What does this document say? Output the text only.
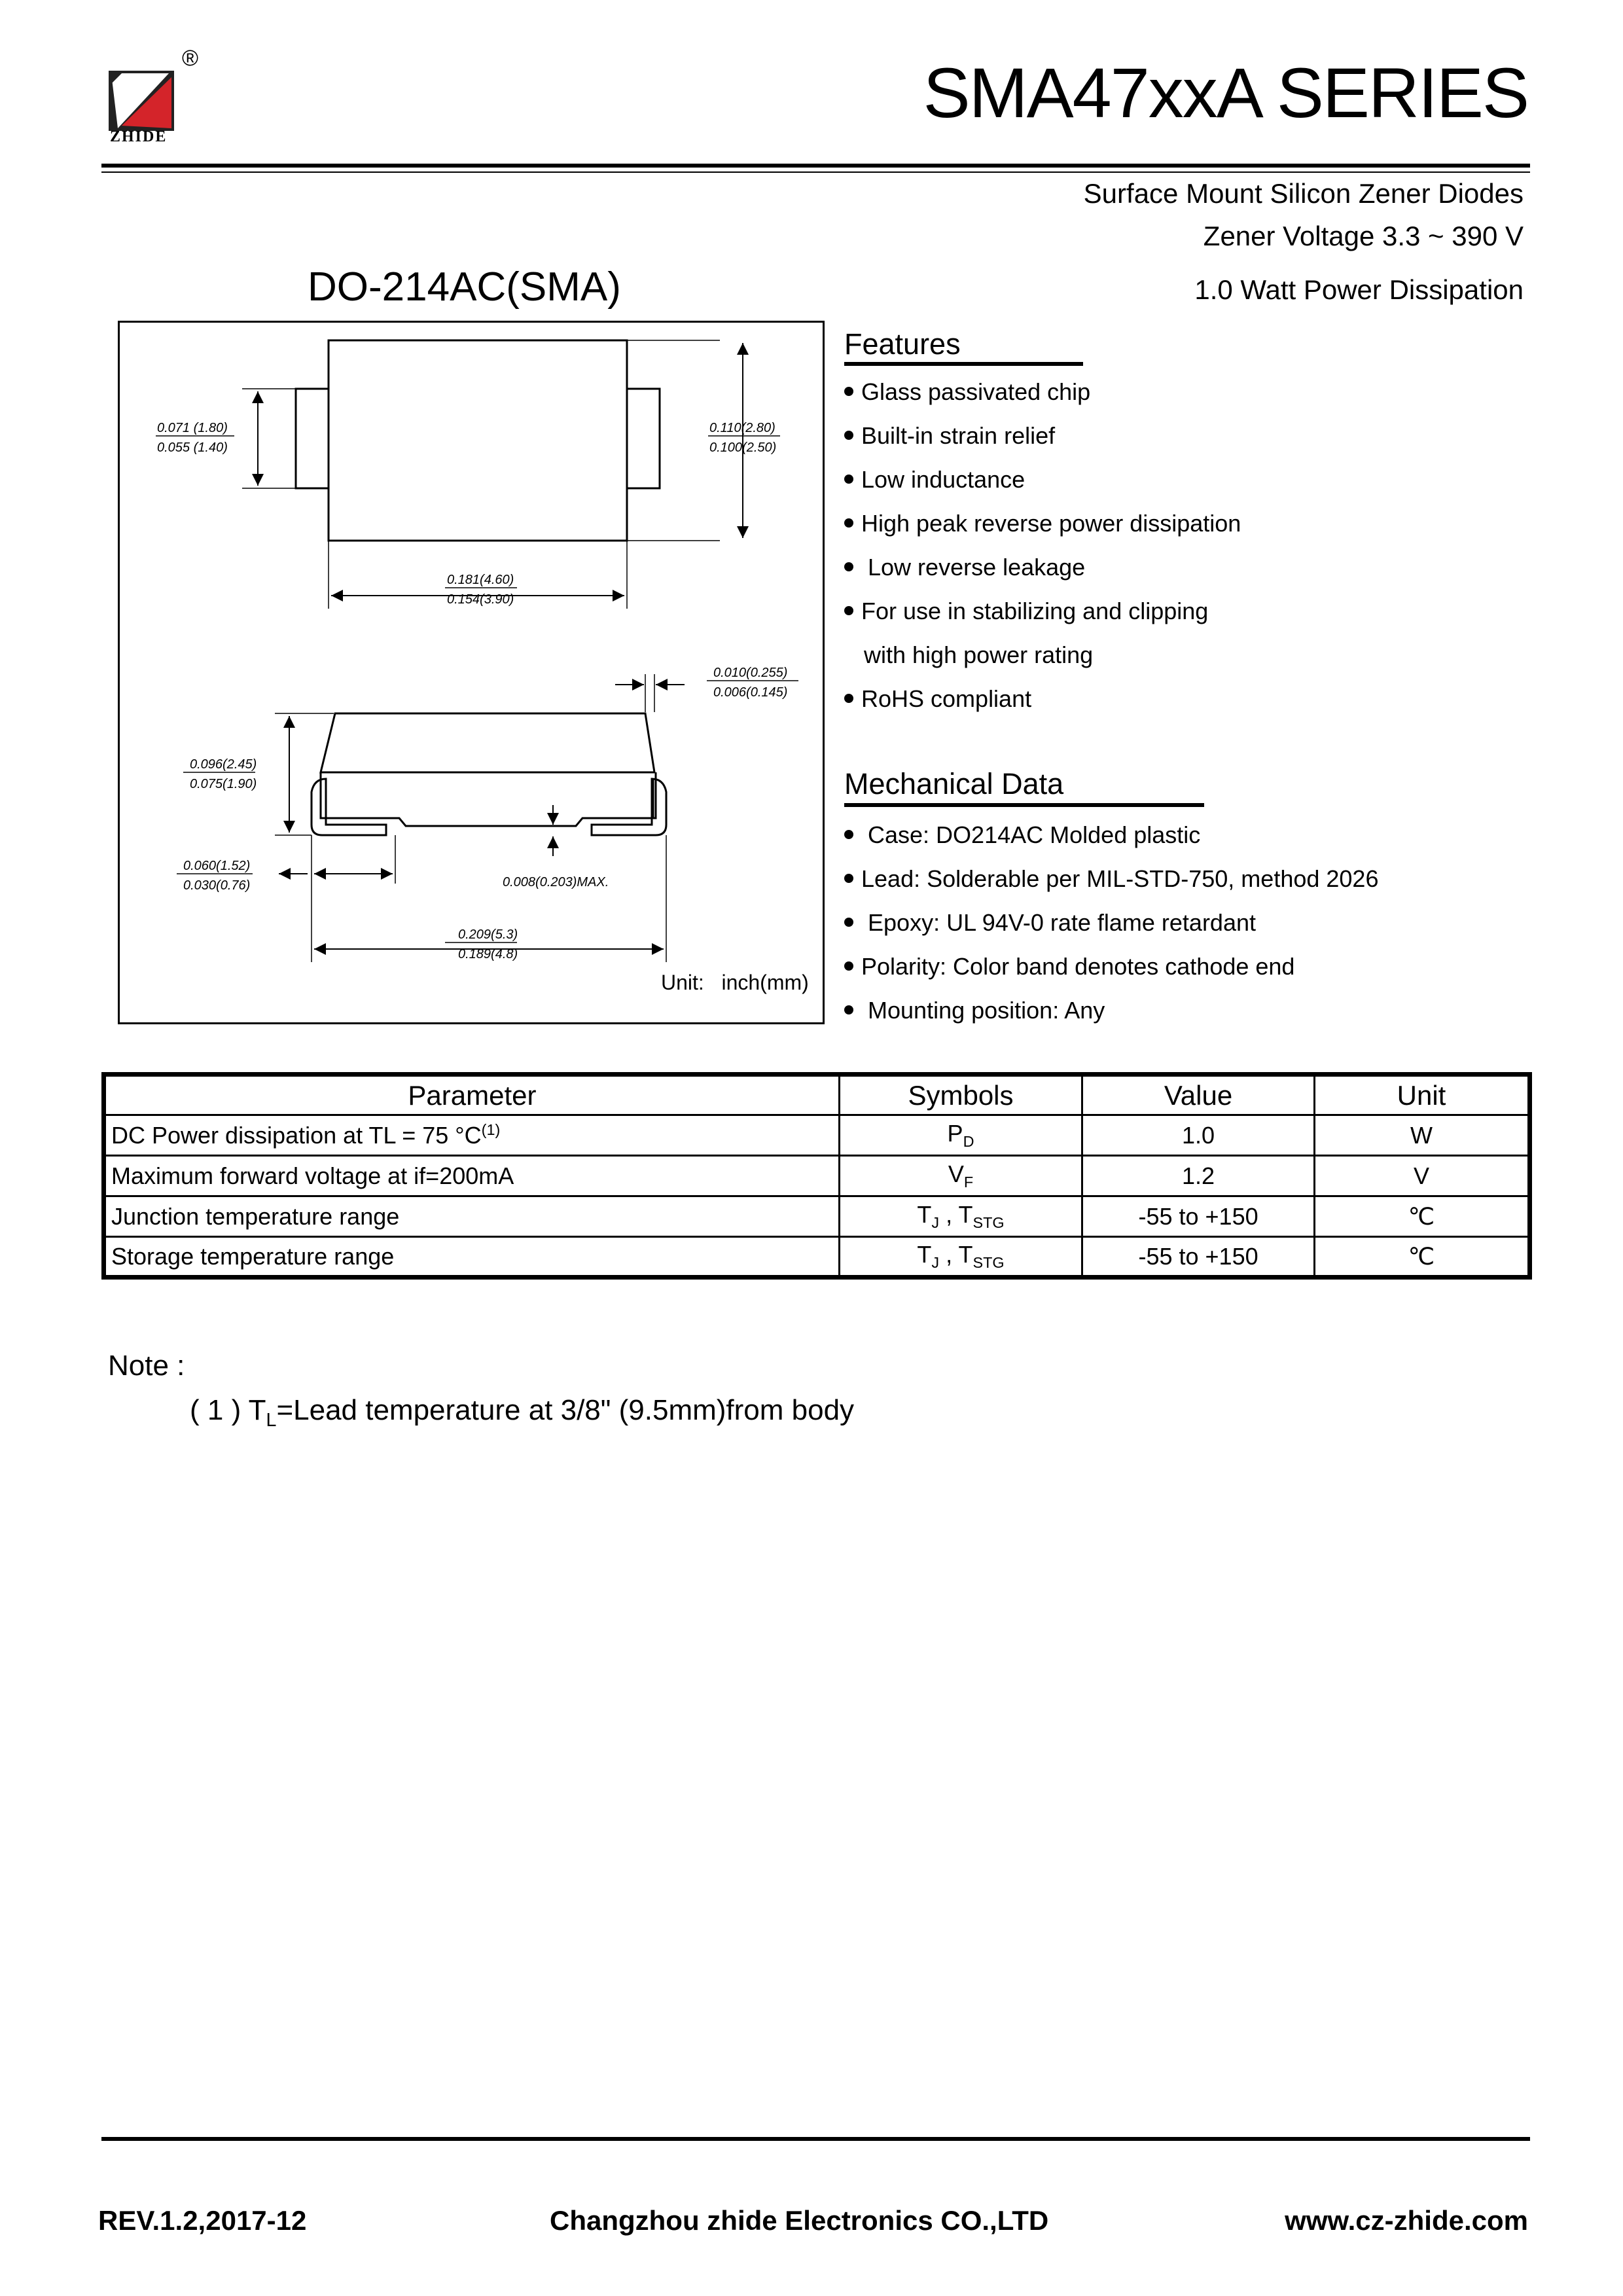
ZHIDE
®	SMA47xxA SERIES
Surface Mount Silicon Zener Diodes
Zener Voltage 3.3 ~ 390 V
1.0 Watt Power Dissipation
DO-214AC(SMA)
0.071 (1.80)
0.055 (1.40)
0.110(2.80)
0.100(2.50)
0.181(4.60)
0.154(3.90)
0.010(0.255)
0.006(0.145)
0.096(2.45)
0.075(1.90)
0.060(1.52)
0.030(0.76)	0.008(0.203)MAX.
0.209(5.3)
0.189(4.8)
Unit:   inch(mm)
Features
Glass passivated chip
Built-in strain relief
Low inductance
High peak reverse power dissipation
Low reverse leakage
For use in stabilizing and clipping
with high power rating
RoHS compliant
Mechanical Data
Case: DO214AC Molded plastic
Lead: Solderable per MIL-STD-750, method 2026
Epoxy: UL 94V-0 rate flame retardant
Polarity: Color band denotes cathode end
Mounting position: Any
Parameter	Symbols	Value	Unit
DC Power dissipation at TL = 75 $^\circ C^{(1)}$	$P_D$	1.0	W
Maximum forward voltage at if=200mA	$V_F$	1.2	V
Junction temperature range	$T_J$ , $T_{STG}$	-55 to +150	℃
Storage temperature range	$T_J$ , $T_{STG}$	-55 to +150	℃
Note :
( 1 ) $T_L=Lead$ temperature at 3/8" (9.5mm)from body
REV.1.2,2017-12	Changzhou zhide Electronics CO.,LTD	www.cz-zhide.com
